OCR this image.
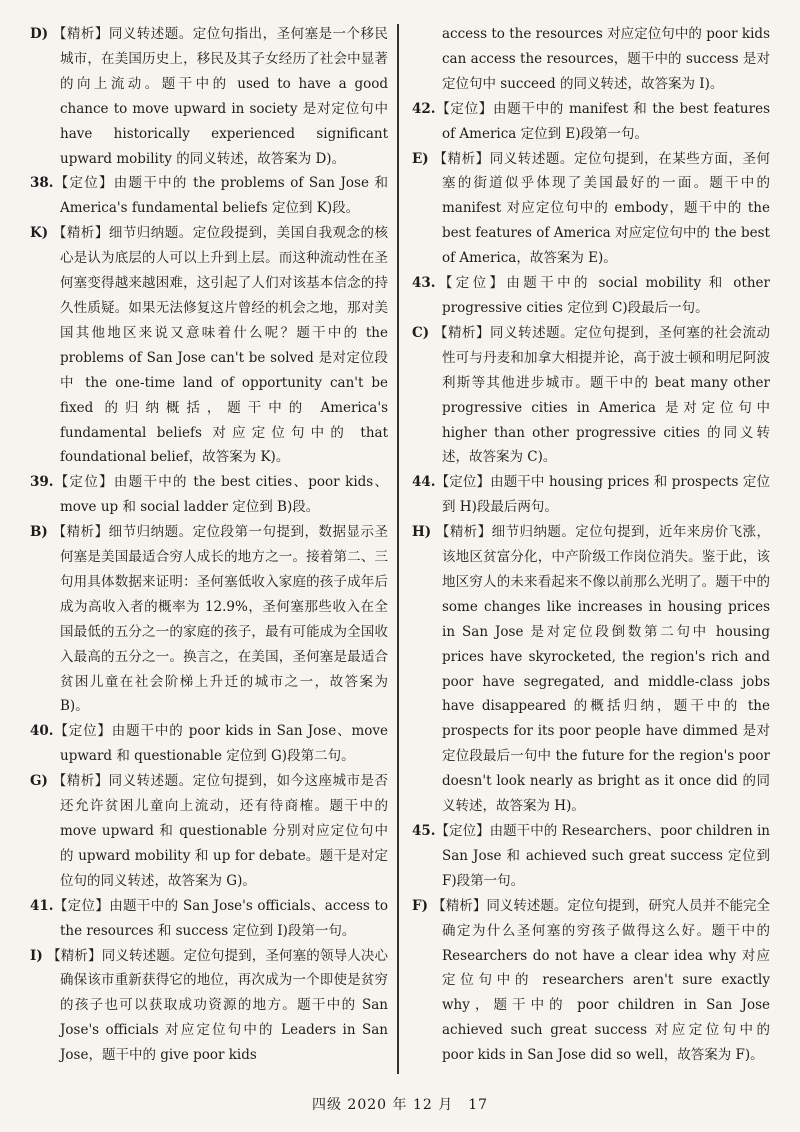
D) 【精析】同义转述题。定位句指出，圣何塞是一个移民城市，在美国历史上，移民及其子女经历了社会中显著的向上流动。题干中的 used to have a good chance to move upward in society 是对定位句中 have historically experienced significant upward mobility 的同义转述，故答案为 D)。

38.【定位】由题干中的 the problems of San Jose 和 America's fundamental beliefs 定位到 K)段。

K) 【精析】细节归纳题。定位段提到，美国自我观念的核心是认为底层的人可以上升到上层。而这种流动性在圣何塞变得越来越困难，这引起了人们对该基本信念的持久性质疑。如果无法修复这片曾经的机会之地，那对美国其他地区来说又意味着什么呢？题干中的 the problems of San Jose can't be solved 是对定位段中 the one-time land of opportunity can't be fixed 的归纳概括，题干中的 America's fundamental beliefs 对应定位句中的 that foundational belief，故答案为 K)。

39.【定位】由题干中的 the best cities、poor kids、move up 和 social ladder 定位到 B)段。

B) 【精析】细节归纳题。定位段第一句提到，数据显示圣何塞是美国最适合穷人成长的地方之一。接着第二、三句用具体数据来证明：圣何塞低收入家庭的孩子成年后成为高收入者的概率为 12.9%，圣何塞那些收入在全国最低的五分之一的家庭的孩子，最有可能成为全国收入最高的五分之一。换言之，在美国，圣何塞是最适合贫困儿童在社会阶梯上升迁的城市之一，故答案为 B)。

40.【定位】由题干中的 poor kids in San Jose、move upward 和 questionable 定位到 G)段第二句。

G) 【精析】同义转述题。定位句提到，如今这座城市是否还允许贫困儿童向上流动，还有待商榷。题干中的 move upward 和 questionable 分别对应定位句中的 upward mobility 和 up for debate。题干是对定位句的同义转述，故答案为 G)。

41.【定位】由题干中的 San Jose's officials、access to the resources 和 success 定位到 I)段第一句。

I) 【精析】同义转述题。定位句提到，圣何塞的领导人决心确保该市重新获得它的地位，再次成为一个即使是贫穷的孩子也可以获取成功资源的地方。题干中的 San Jose's officials 对应定位句中的 Leaders in San Jose，题干中的 give poor kids

access to the resources 对应定位句中的 poor kids can access the resources，题干中的 success 是对定位句中 succeed 的同义转述，故答案为 I)。

42.【定位】由题干中的 manifest 和 the best features of America 定位到 E)段第一句。

E) 【精析】同义转述题。定位句提到，在某些方面，圣何塞的街道似乎体现了美国最好的一面。题干中的 manifest 对应定位句中的 embody，题干中的 the best features of America 对应定位句中的 the best of America，故答案为 E)。

43.【定位】由题干中的 social mobility 和 other progressive cities 定位到 C)段最后一句。

C) 【精析】同义转述题。定位句提到，圣何塞的社会流动性可与丹麦和加拿大相提并论，高于波士顿和明尼阿波利斯等其他进步城市。题干中的 beat many other progressive cities in America 是对定位句中 higher than other progressive cities 的同义转述，故答案为 C)。

44.【定位】由题干中 housing prices 和 prospects 定位到 H)段最后两句。

H) 【精析】细节归纳题。定位句提到，近年来房价飞涨，该地区贫富分化，中产阶级工作岗位消失。鉴于此，该地区穷人的未来看起来不像以前那么光明了。题干中的 some changes like increases in housing prices in San Jose 是对定位段倒数第二句中 housing prices have skyrocketed, the region's rich and poor have segregated, and middle-class jobs have disappeared 的概括归纳，题干中的 the prospects for its poor people have dimmed 是对定位段最后一句中 the future for the region's poor doesn't look nearly as bright as it once did 的同义转述，故答案为 H)。

45.【定位】由题干中的 Researchers、poor children in San Jose 和 achieved such great success 定位到 F)段第一句。

F) 【精析】同义转述题。定位句提到，研究人员并不能完全确定为什么圣何塞的穷孩子做得这么好。题干中的 Researchers do not have a clear idea why 对应定位句中的 researchers aren't sure exactly why，题干中的 poor children in San Jose achieved such great success 对应定位句中的 poor kids in San Jose did so well，故答案为 F)。

四级 2020 年 12 月　17
